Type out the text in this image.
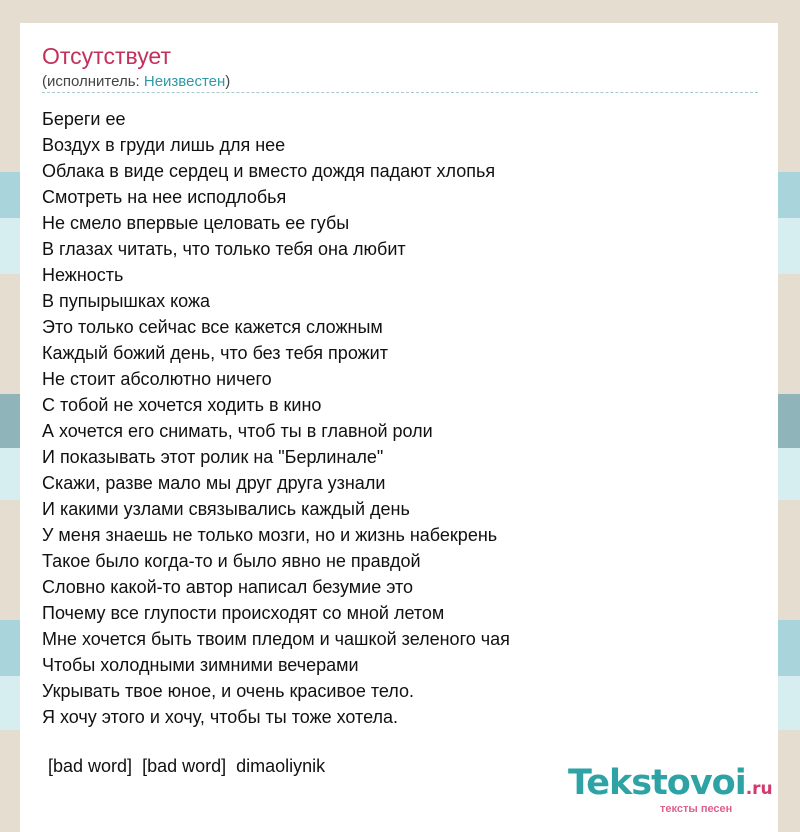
Отсутствует
(исполнитель: Неизвестен)
Береги ее
Воздух в груди лишь для нее
Облака в виде сердец и вместо дождя падают хлопья
Смотреть на нее исподлобья
Не смело впервые целовать ее губы
В глазах читать, что только тебя она любит
Нежность
В пупырышках кожа
Это только сейчас все кажется сложным
Каждый божий день, что без тебя прожит
Не стоит абсолютно ничего
С тобой не хочется ходить в кино
А хочется его снимать, чтоб ты в главной роли
И показывать этот ролик на "Берлинале"
Скажи, разве мало мы друг друга узнали
И какими узлами связывались каждый день
У меня знаешь не только мозги, но и жизнь набекрень
Такое было когда-то и было явно не правдой
Словно какой-то автор написал безумие это
Почему все глупости происходят со мной летом
Мне хочется быть твоим пледом и чашкой зеленого чая
Чтобы холодными зимними вечерами
Укрывать твое юное, и очень красивое тело.
Я хочу этого и хочу, чтобы ты тоже хотела.
[bad word] [bad word] dimaoliynik	Tekstovoi.ru
тексты песен
